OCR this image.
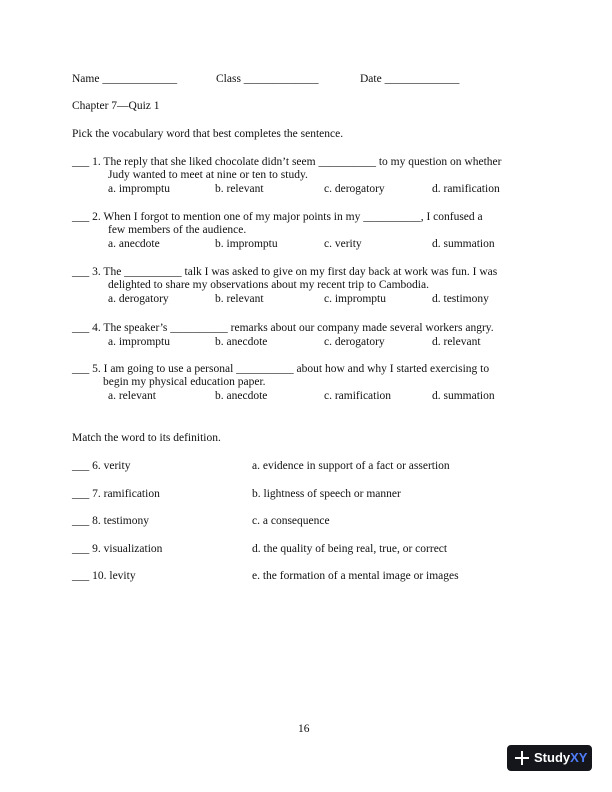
Name _____________	Class _____________	Date _____________
Chapter 7—Quiz 1
Pick the vocabulary word that best completes the sentence.
___ 1. The reply that she liked chocolate didn’t seem __________ to my question on whether
Judy wanted to meet at nine or ten to study.
a. impromptu	b. relevant	c. derogatory	d. ramification
___ 2. When I forgot to mention one of my major points in my __________, I confused a
few members of the audience.
a. anecdote	b. impromptu	c. verity	d. summation
___ 3. The __________ talk I was asked to give on my first day back at work was fun. I was
delighted to share my observations about my recent trip to Cambodia.
a. derogatory	b. relevant	c. impromptu	d. testimony
___ 4. The speaker’s __________ remarks about our company made several workers angry.
a. impromptu	b. anecdote	c. derogatory	d. relevant
___ 5. I am going to use a personal __________ about how and why I started exercising to
begin my physical education paper.
a. relevant	b. anecdote	c. ramification	d. summation
Match the word to its definition.
___ 6. verity	a. evidence in support of a fact or assertion
___ 7. ramification	b. lightness of speech or manner
___ 8. testimony	c. a consequence
___ 9. visualization	d. the quality of being real, true, or correct
___ 10. levity	e. the formation of a mental image or images
16
StudyXY
